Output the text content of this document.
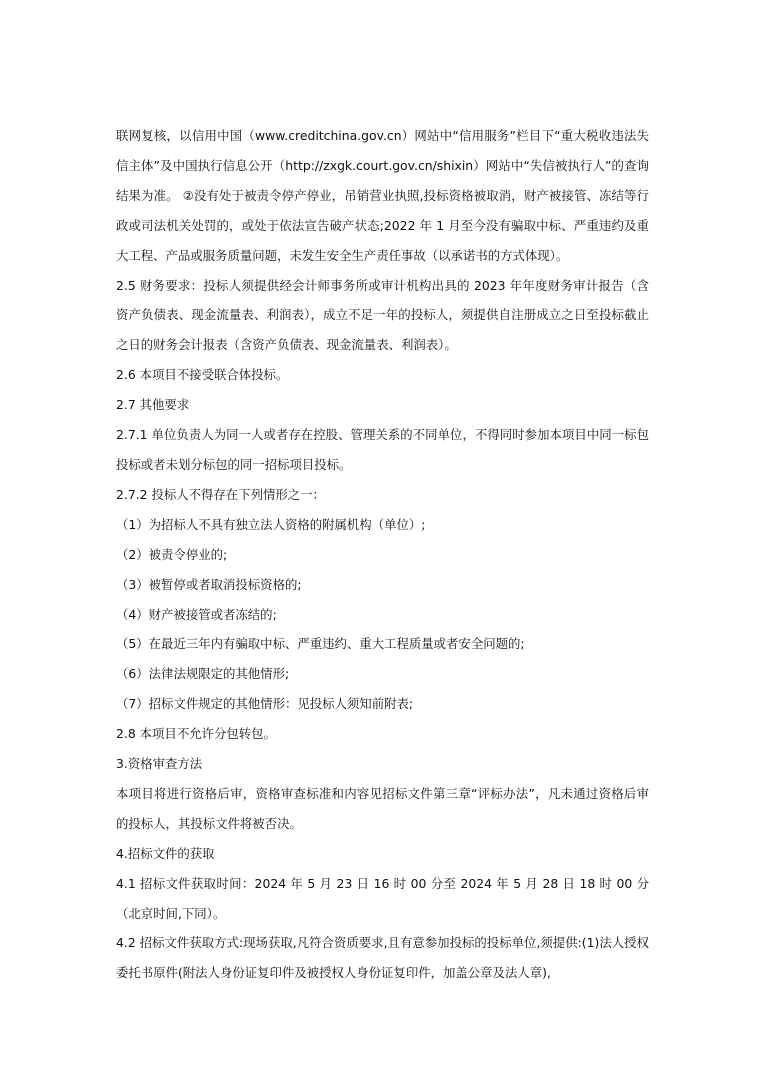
联网复核，以信用中国（www.creditchina.gov.cn）网站中“信用服务”栏目下“重大税收违法失信主体”及中国执行信息公开（http://zxgk.court.gov.cn/shixin）网站中“失信被执行人”的查询结果为准。 ②没有处于被责令停产停业，吊销营业执照,投标资格被取消，财产被接管、冻结等行政或司法机关处罚的，或处于依法宣告破产状态;2022 年 1 月至今没有骗取中标、严重违约及重大工程、产品或服务质量问题，未发生安全生产责任事故（以承诺书的方式体现）。

2.5 财务要求：投标人须提供经会计师事务所或审计机构出具的 2023 年年度财务审计报告（含资产负债表、现金流量表、利润表），成立不足一年的投标人，须提供自注册成立之日至投标截止之日的财务会计报表（含资产负债表、现金流量表、利润表）。

2.6 本项目不接受联合体投标。

2.7 其他要求

2.7.1 单位负责人为同一人或者存在控股、管理关系的不同单位，不得同时参加本项目中同一标包投标或者未划分标包的同一招标项目投标。

2.7.2 投标人不得存在下列情形之一：

（1）为招标人不具有独立法人资格的附属机构（单位）;

（2）被责令停业的;

（3）被暂停或者取消投标资格的;

（4）财产被接管或者冻结的;

（5）在最近三年内有骗取中标、严重违约、重大工程质量或者安全问题的;

（6）法律法规限定的其他情形;

（7）招标文件规定的其他情形：见投标人须知前附表;

2.8 本项目不允许分包转包。

3.资格审查方法

本项目将进行资格后审，资格审查标准和内容见招标文件第三章“评标办法”，凡未通过资格后审的投标人，其投标文件将被否决。

4.招标文件的获取

4.1 招标文件获取时间：2024 年 5 月 23 日 16 时 00 分至 2024 年 5 月 28 日 18 时 00 分（北京时间,下同）。

4.2 招标文件获取方式:现场获取,凡符合资质要求,且有意参加投标的投标单位,须提供:(1)法人授权委托书原件(附法人身份证复印件及被授权人身份证复印件，加盖公章及法人章),
